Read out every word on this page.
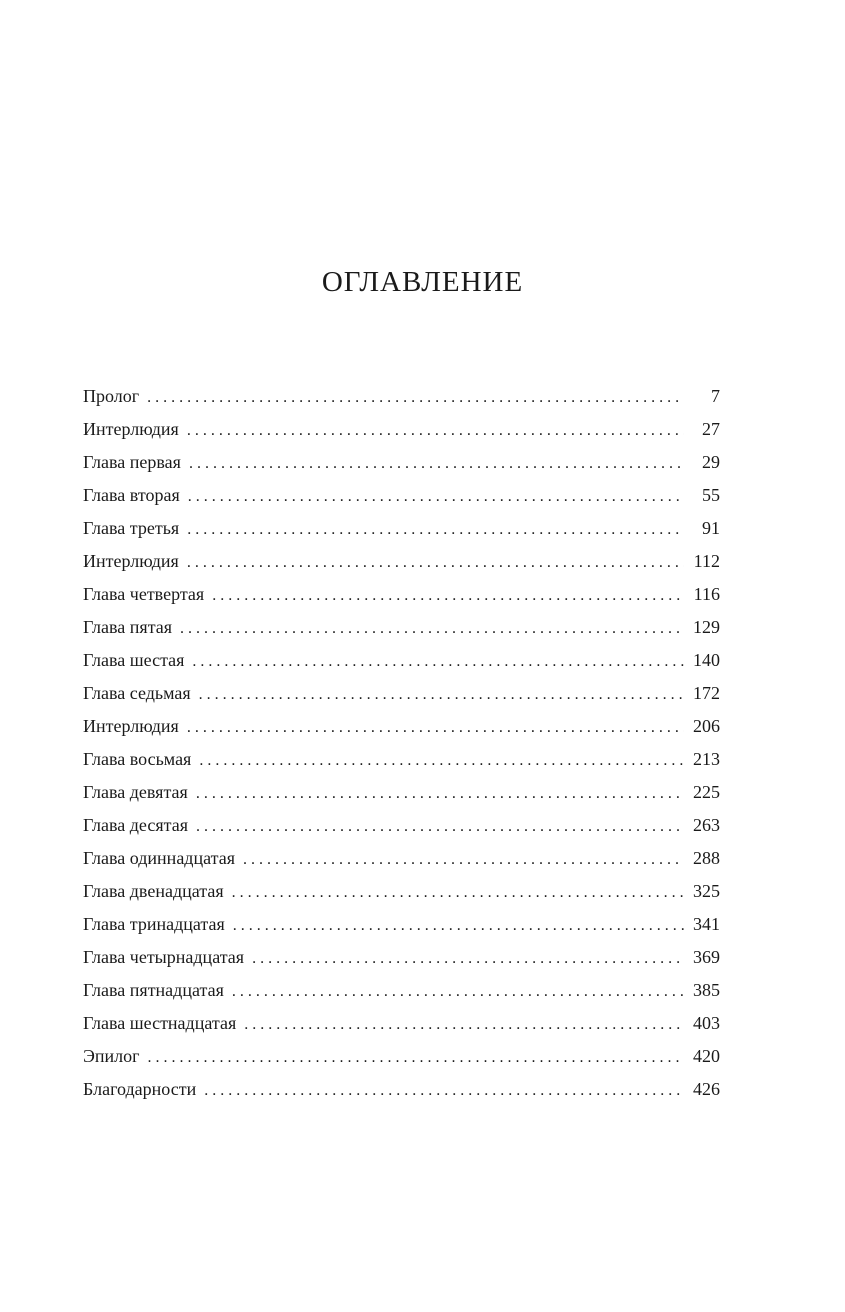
ОГЛАВЛЕНИЕ
Пролог . . .	7
Интерлюдия . . .	27
Глава первая . . .	29
Глава вторая . . .	55
Глава третья . . .	91
Интерлюдия . . .	112
Глава четвертая . . .	116
Глава пятая . . .	129
Глава шестая . . .	140
Глава седьмая . . .	172
Интерлюдия . . .	206
Глава восьмая . . .	213
Глава девятая . . .	225
Глава десятая . . .	263
Глава одиннадцатая . . .	288
Глава двенадцатая . . .	325
Глава тринадцатая . . .	341
Глава четырнадцатая . . .	369
Глава пятнадцатая . . .	385
Глава шестнадцатая . . .	403
Эпилог . . .	420
Благодарности . . .	426
